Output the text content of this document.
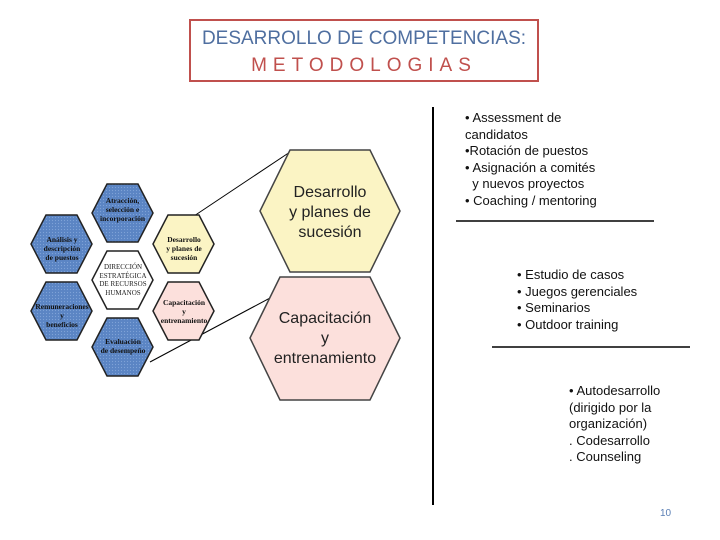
DESARROLLO DE COMPETENCIAS:
METODOLOGIAS
Atracción,
selección e
incorporación
Análisis y
descripción
de puestos
Desarrollo
y planes de
sucesión
DIRECCIÓN
ESTRATÉGICA
DE RECURSOS
HUMANOS
Remuneraciones
y
beneficios
Capacitación
y
entrenamiento
Evaluación
de desempeño
Desarrollo
y planes de
sucesión
Capacitación
y
entrenamiento
• Assessment de
candidatos
•Rotación de puestos
• Asignación a comités
y nuevos proyectos
• Coaching / mentoring
• Estudio de casos
• Juegos gerenciales
• Seminarios
• Outdoor training
• Autodesarrollo
(dirigido por la
organización)
. Codesarrollo
. Counseling
10
